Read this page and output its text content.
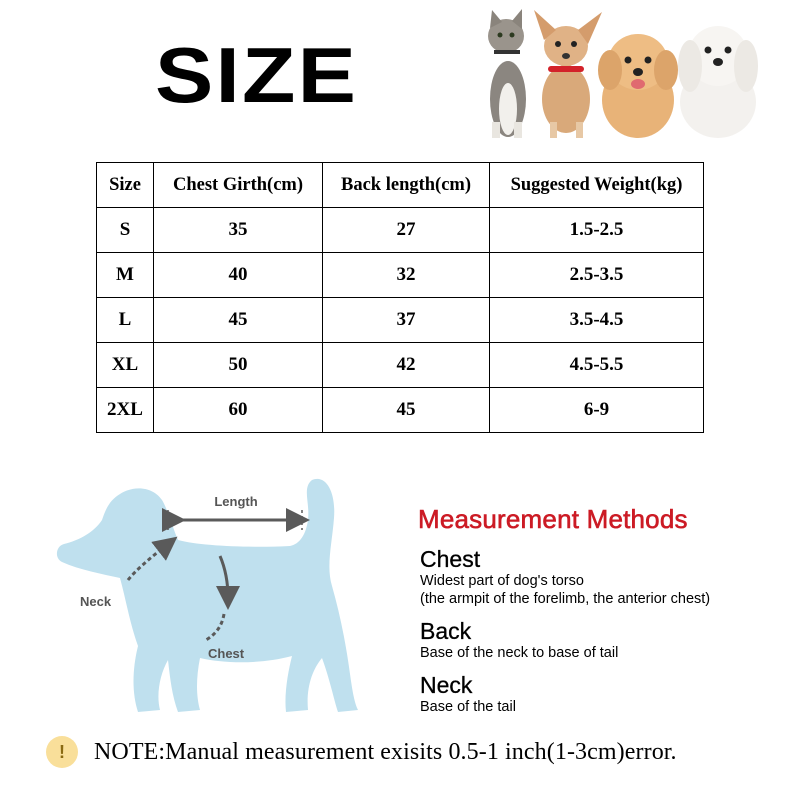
SIZE
Size	Chest Girth(cm)	Back length(cm)	Suggested Weight(kg)
S	35	27	1.5-2.5
M	40	32	2.5-3.5
L	45	37	3.5-4.5
XL	50	42	4.5-5.5
2XL	60	45	6-9
Length
Neck
Chest
Measurement Methods
Chest
Widest part of dog's torso
(the armpit of the forelimb, the anterior chest)
Back
Base of the neck to base of tail
Neck
Base of the tail
!	NOTE:Manual measurement exisits 0.5-1 inch(1-3cm)error.
